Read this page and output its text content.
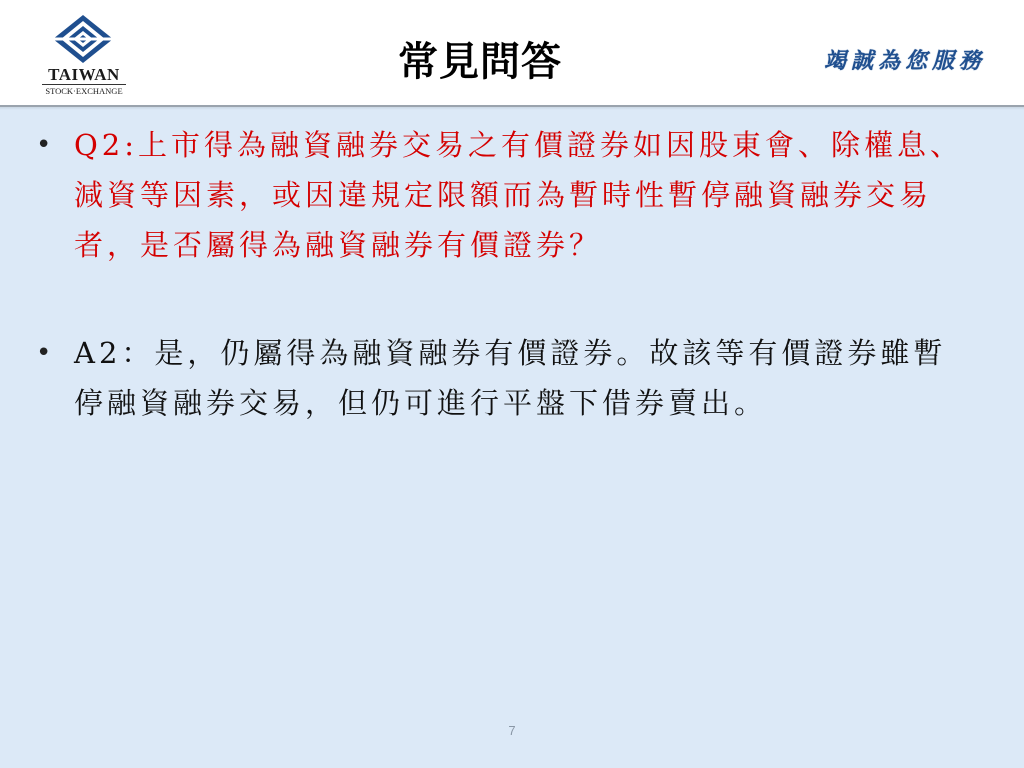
TAIWAN
STOCK·EXCHANGE
常見問答	竭誠為您服務

• Q2:上市得為融資融券交易之有價證券如因股東會、除權息、減資等因素，或因違規定限額而為暫時性暫停融資融券交易者，是否屬得為融資融券有價證券？

• A2：是，仍屬得為融資融券有價證券。故該等有價證券雖暫停融資融券交易，但仍可進行平盤下借券賣出。

7
